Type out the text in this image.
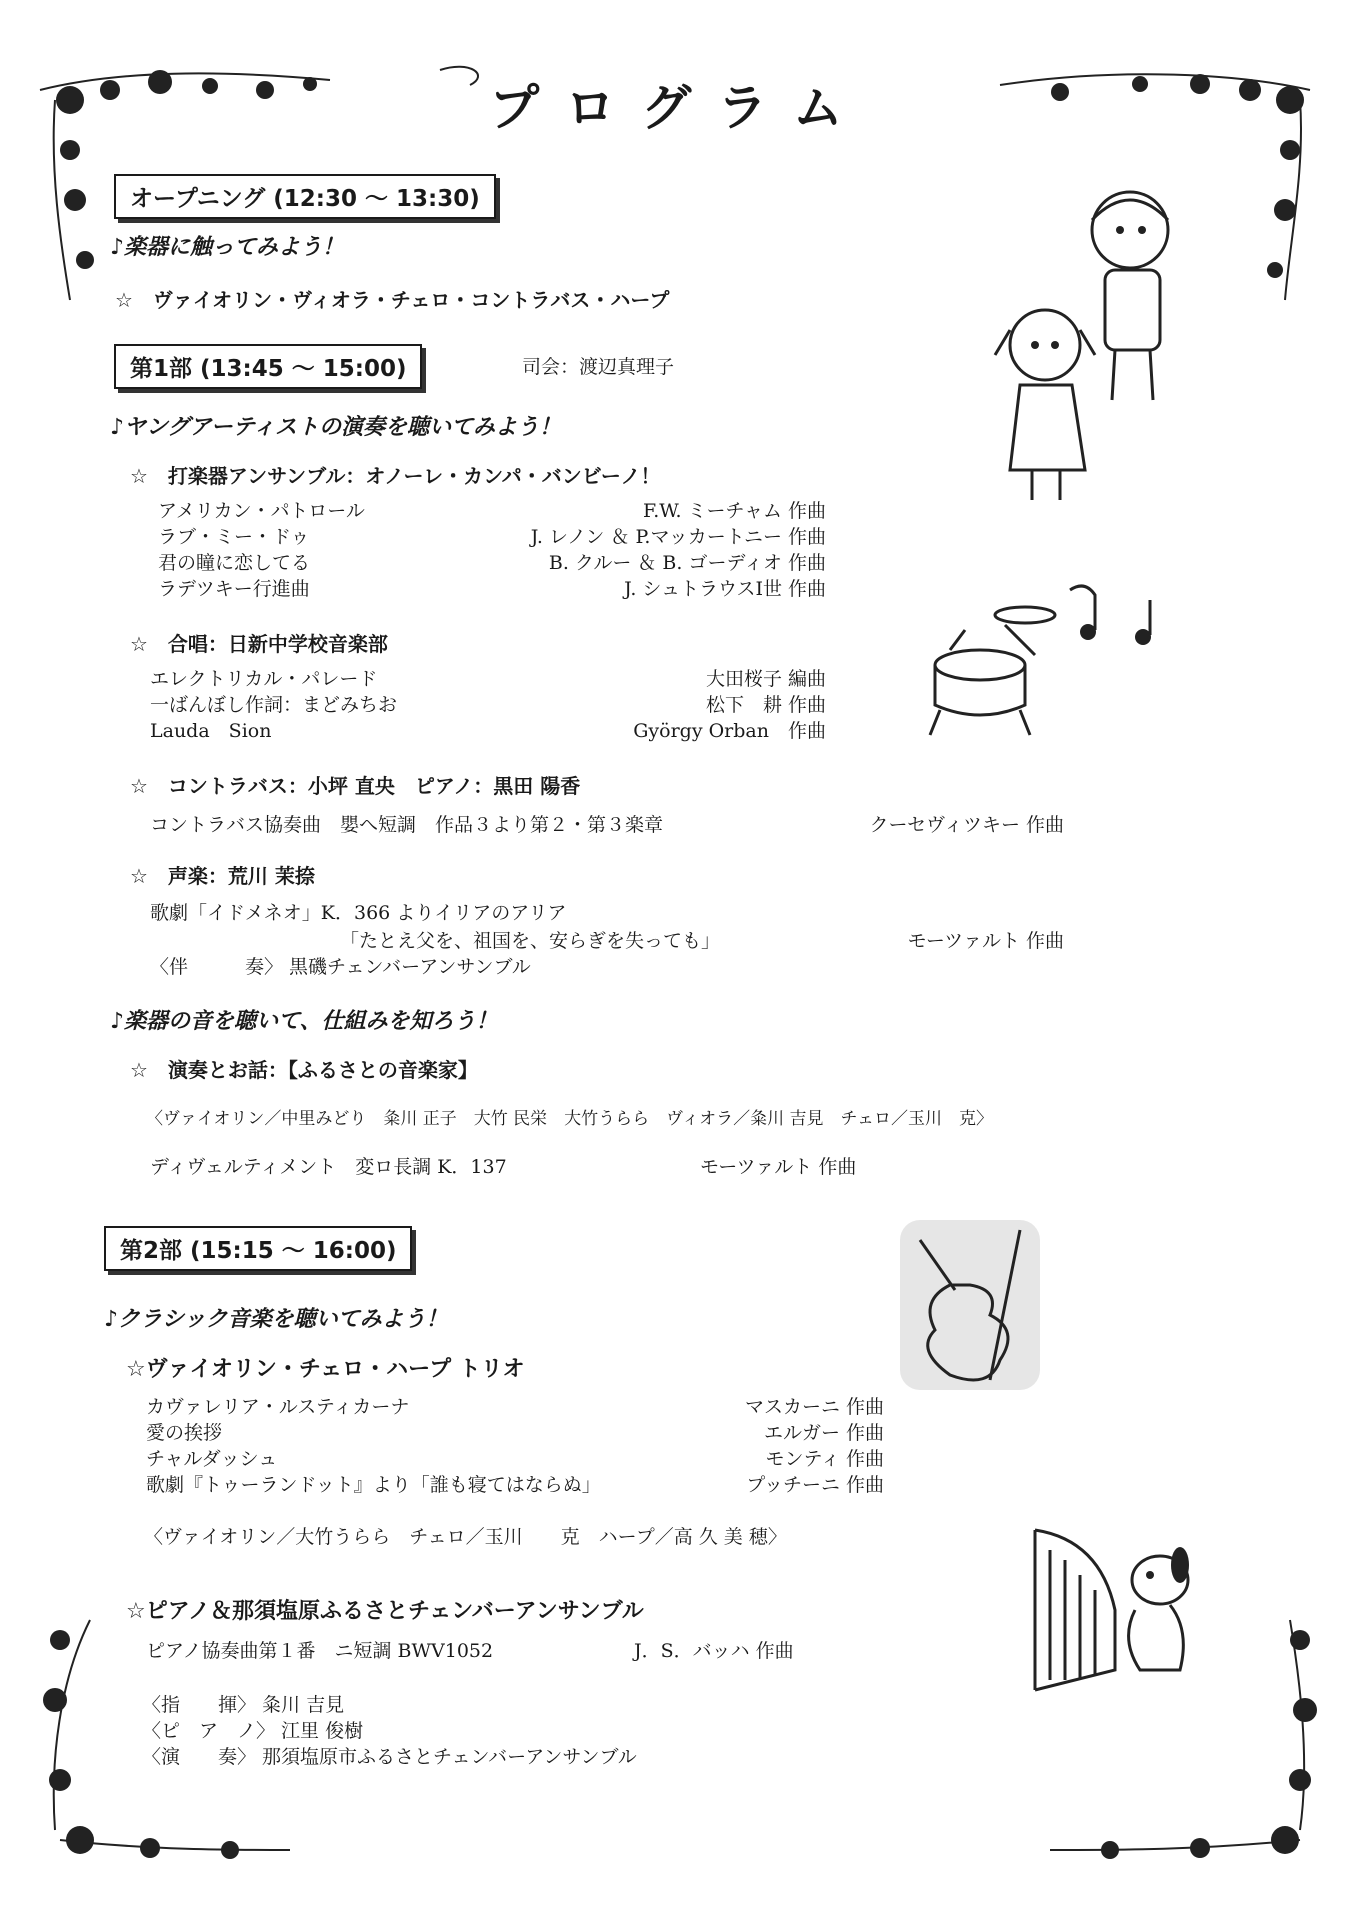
プログラム
オープニング (12:30 ～ 13:30)
♪楽器に触ってみよう！
☆　ヴァイオリン・ヴィオラ・チェロ・コントラバス・ハープ
第1部 (13:45 ～ 15:00)	司会：渡辺真理子
♪ヤングアーティストの演奏を聴いてみよう！
☆　打楽器アンサンブル：オノーレ・カンパ・バンビーノ！
アメリカン・パトロール	F.W. ミーチャム 作曲
ラブ・ミー・ドゥ	J. レノン ＆ P.マッカートニー 作曲
君の瞳に恋してる	B. クルー ＆ B. ゴーディオ 作曲
ラデツキー行進曲	J. シュトラウスⅠ世 作曲
☆　合唱：日新中学校音楽部
エレクトリカル・パレード	大田桜子 編曲
一ばんぼし作詞：まどみちお	松下　耕 作曲
Lauda　Sion	György Orban　作曲
☆　コントラバス：小坪 直央　ピアノ：黒田 陽香
コントラバス協奏曲　嬰へ短調　作品３より第２・第３楽章	クーセヴィツキー 作曲
☆　声楽：荒川 茉捺
歌劇「イドメネオ」K．366 よりイリアのアリア
「たとえ父を、祖国を、安らぎを失っても」	モーツァルト 作曲
〈伴　　　奏〉 黒磯チェンバーアンサンブル
♪楽器の音を聴いて、仕組みを知ろう！
☆　演奏とお話：【ふるさとの音楽家】
〈ヴァイオリン／中里みどり　粂川 正子　大竹 民栄　大竹うらら　ヴィオラ／粂川 吉見　チェロ／玉川　克〉
ディヴェルティメント　変ロ長調 K．137	モーツァルト 作曲
第2部 (15:15 ～ 16:00)
♪クラシック音楽を聴いてみよう！
☆ヴァイオリン・チェロ・ハープ トリオ
カヴァレリア・ルスティカーナ	マスカーニ 作曲
愛の挨拶	エルガー 作曲
チャルダッシュ	モンティ 作曲
歌劇『トゥーランドット』より「誰も寝てはならぬ」	プッチーニ 作曲
〈ヴァイオリン／大竹うらら　チェロ／玉川　　克　ハープ／高 久 美 穂〉
☆ピアノ＆那須塩原ふるさとチェンバーアンサンブル
ピアノ協奏曲第１番　ニ短調 BWV1052	J．S．バッハ 作曲
〈指　　揮〉 粂川 吉見
〈ピ　ア　ノ〉 江里 俊樹
〈演　　奏〉 那須塩原市ふるさとチェンバーアンサンブル
